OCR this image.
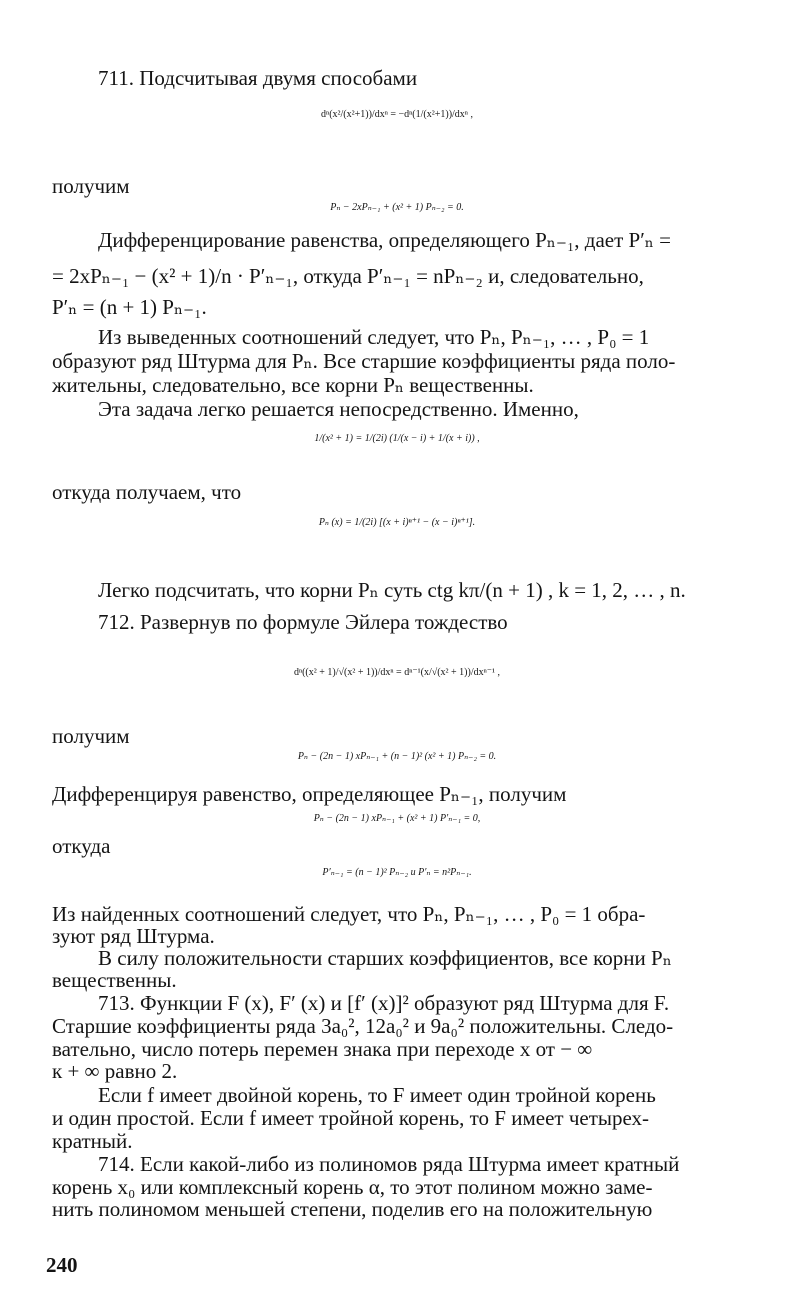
711. Подсчитывая двумя способами
dⁿ(x²/(x²+1))/dxⁿ = −dⁿ(1/(x²+1))/dxⁿ ,
получим
Pₙ − 2xPₙ₋₁ + (x² + 1) Pₙ₋₂ = 0.
Дифференцирование равенства, определяющего Pₙ₋₁, дает P′ₙ =
= 2xPₙ₋₁ − (x² + 1)/n · P′ₙ₋₁, откуда P′ₙ₋₁ = nPₙ₋₂ и, следовательно,
P′ₙ = (n + 1) Pₙ₋₁.
Из выведенных соотношений следует, что Pₙ, Pₙ₋₁, … , P₀ = 1
образуют ряд Штурма для Pₙ. Все старшие коэффициенты ряда поло-
жительны, следовательно, все корни Pₙ вещественны.
Эта задача легко решается непосредственно. Именно,
1/(x² + 1) = 1/(2i) (1/(x − i) + 1/(x + i)) ,
откуда получаем, что
Pₙ (x) = 1/(2i) [(x + i)ⁿ⁺¹ − (x − i)ⁿ⁺¹].
Легко подсчитать, что корни Pₙ суть ctg kπ/(n + 1) , k = 1, 2, … , n.
712. Развернув по формуле Эйлера тождество
dⁿ((x² + 1)/√(x² + 1))/dxⁿ = dⁿ⁻¹(x/√(x² + 1))/dxⁿ⁻¹ ,
получим
Pₙ − (2n − 1) xPₙ₋₁ + (n − 1)² (x² + 1) Pₙ₋₂ = 0.
Дифференцируя равенство, определяющее Pₙ₋₁, получим
Pₙ − (2n − 1) xPₙ₋₁ + (x² + 1) P′ₙ₋₁ = 0,
откуда
P′ₙ₋₁ = (n − 1)² Pₙ₋₂ и P′ₙ = n²Pₙ₋₁.
Из найденных соотношений следует, что Pₙ, Pₙ₋₁, … , P₀ = 1 обра-
зуют ряд Штурма.
В силу положительности старших коэффициентов, все корни Pₙ
вещественны.
713. Функции F (x), F′ (x) и [f′ (x)]² образуют ряд Штурма для F.
Старшие коэффициенты ряда 3a₀², 12a₀² и 9a₀² положительны. Следо-
вательно, число потерь перемен знака при переходе x от − ∞
к + ∞ равно 2.
Если f имеет двойной корень, то F имеет один тройной корень
и один простой. Если f имеет тройной корень, то F имеет четырех-
кратный.
714. Если какой-либо из полиномов ряда Штурма имеет кратный
корень x₀ или комплексный корень α, то этот полином можно заме-
нить полиномом меньшей степени, поделив его на положительную
240
